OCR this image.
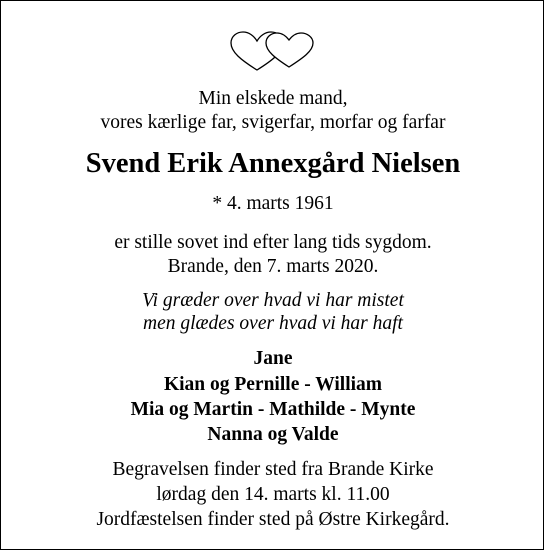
Min elskede mand,
vores kærlige far, svigerfar, morfar og farfar
Svend Erik Annexgård Nielsen
* 4. marts 1961
er stille sovet ind efter lang tids sygdom.
Brande, den 7. marts 2020.
Vi græder over hvad vi har mistet
men glædes over hvad vi har haft
Jane
Kian og Pernille - William
Mia og Martin - Mathilde - Mynte
Nanna og Valde
Begravelsen finder sted fra Brande Kirke
lørdag den 14. marts kl. 11.00
Jordfæstelsen finder sted på Østre Kirkegård.
